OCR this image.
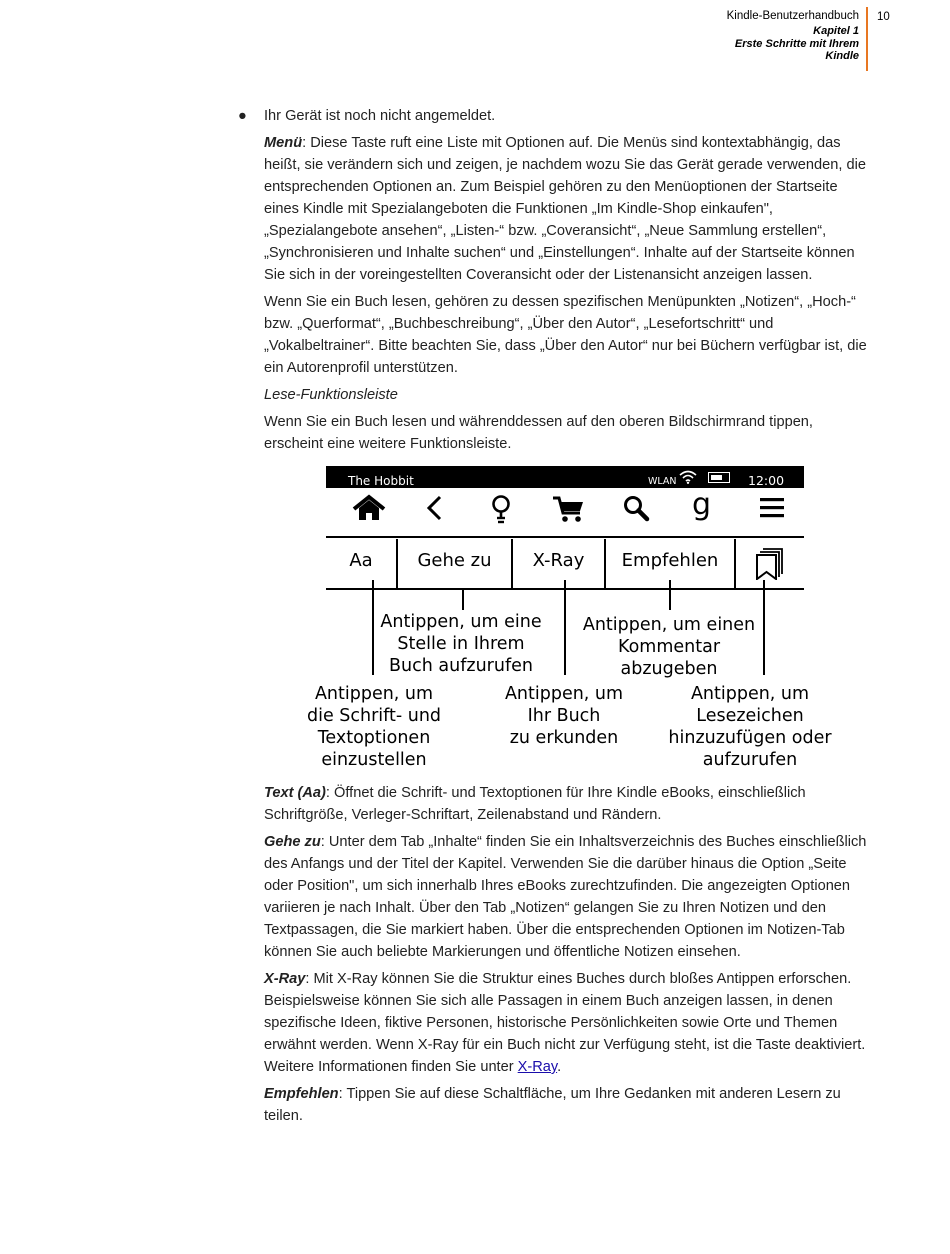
Kindle-Benutzerhandbuch
Kapitel 1
Erste Schritte mit Ihrem
Kindle
10
● Ihr Gerät ist noch nicht angemeldet.

Menü: Diese Taste ruft eine Liste mit Optionen auf. Die Menüs sind kontextabhängig, das heißt, sie verändern sich und zeigen, je nachdem wozu Sie das Gerät gerade verwenden, die entsprechenden Optionen an. Zum Beispiel gehören zu den Menüoptionen der Startseite eines Kindle mit Spezialangeboten die Funktionen „Im Kindle-Shop einkaufen", „Spezialangebote ansehen“, „Listen-“ bzw. „Coveransicht“, „Neue Sammlung erstellen“, „Synchronisieren und Inhalte suchen“ und „Einstellungen“. Inhalte auf der Startseite können Sie sich in der voreingestellten Coveransicht oder der Listenansicht anzeigen lassen.

Wenn Sie ein Buch lesen, gehören zu dessen spezifischen Menüpunkten „Notizen“, „Hoch-“ bzw. „Querformat“, „Buchbeschreibung“, „Über den Autor“, „Lesefortschritt“ und „Vokalbeltrainer“. Bitte beachten Sie, dass „Über den Autor“ nur bei Büchern verfügbar ist, die ein Autorenprofil unterstützen.

Lese-Funktionsleiste

Wenn Sie ein Buch lesen und währenddessen auf den oberen Bildschirmrand tippen, erscheint eine weitere Funktionsleiste.

The Hobbit	WLAN	12:00
g
Aa	Gehe zu	X-Ray	Empfehlen
Antippen, um eine
Stelle in Ihrem
Buch aufzurufen
Antippen, um einen
Kommentar
abzugeben
Antippen, um
die Schrift- und
Textoptionen
einzustellen
Antippen, um
Ihr Buch
zu erkunden
Antippen, um
Lesezeichen
hinzuzufügen oder
aufzurufen

Text (Aa): Öffnet die Schrift- und Textoptionen für Ihre Kindle eBooks, einschließlich Schriftgröße, Verleger-Schriftart, Zeilenabstand und Rändern.

Gehe zu: Unter dem Tab „Inhalte“ finden Sie ein Inhaltsverzeichnis des Buches einschließlich des Anfangs und der Titel der Kapitel. Verwenden Sie die darüber hinaus die Option „Seite oder Position", um sich innerhalb Ihres eBooks zurechtzufinden. Die angezeigten Optionen variieren je nach Inhalt. Über den Tab „Notizen“ gelangen Sie zu Ihren Notizen und den Textpassagen, die Sie markiert haben. Über die entsprechenden Optionen im Notizen-Tab können Sie auch beliebte Markierungen und öffentliche Notizen einsehen.

X-Ray: Mit X-Ray können Sie die Struktur eines Buches durch bloßes Antippen erforschen. Beispielsweise können Sie sich alle Passagen in einem Buch anzeigen lassen, in denen spezifische Ideen, fiktive Personen, historische Persönlichkeiten sowie Orte und Themen erwähnt werden. Wenn X-Ray für ein Buch nicht zur Verfügung steht, ist die Taste deaktiviert. Weitere Informationen finden Sie unter X-Ray.

Empfehlen: Tippen Sie auf diese Schaltfläche, um Ihre Gedanken mit anderen Lesern zu teilen.
